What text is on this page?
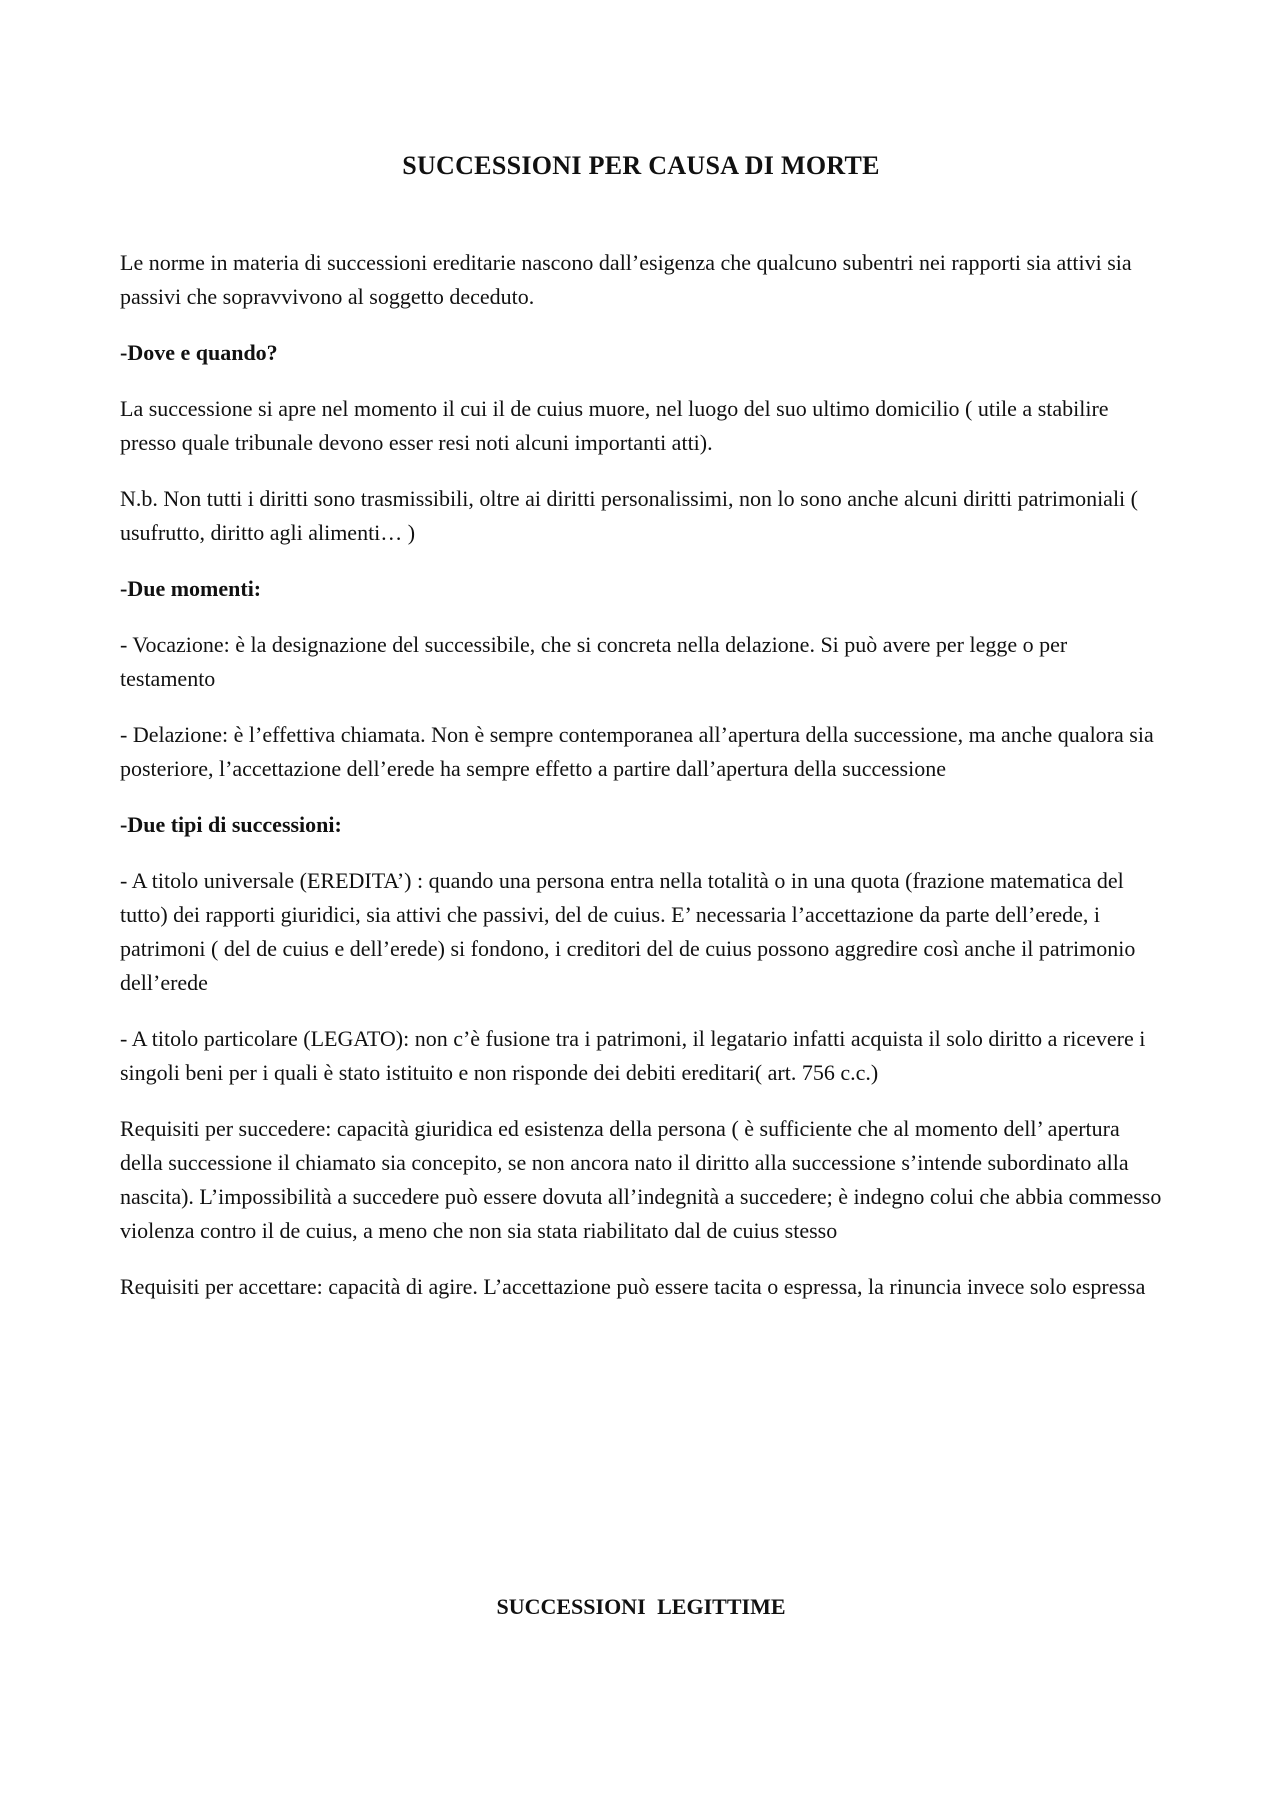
SUCCESSIONI PER CAUSA DI MORTE

Le norme in materia di successioni ereditarie nascono dall’esigenza che qualcuno subentri nei rapporti sia attivi sia passivi che sopravvivono al soggetto deceduto.

-Dove e quando?

La successione si apre nel momento il cui il de cuius muore, nel luogo del suo ultimo domicilio ( utile a stabilire presso quale tribunale devono esser resi noti alcuni importanti atti).

N.b. Non tutti i diritti sono trasmissibili, oltre ai diritti personalissimi, non lo sono anche alcuni diritti patrimoniali ( usufrutto, diritto agli alimenti… )

-Due momenti:

- Vocazione: è la designazione del successibile, che si concreta nella delazione. Si può avere per legge o per testamento

- Delazione: è l’effettiva chiamata. Non è sempre contemporanea all’apertura della successione, ma anche qualora sia posteriore, l’accettazione dell’erede ha sempre effetto a partire dall’apertura della successione

-Due tipi di successioni:

- A titolo universale (EREDITA’) : quando una persona entra nella totalità o in una quota (frazione matematica del tutto) dei rapporti giuridici, sia attivi che passivi, del de cuius. E’ necessaria l’accettazione da parte dell’erede, i patrimoni ( del de cuius e dell’erede) si fondono, i creditori del de cuius possono aggredire così anche il patrimonio dell’erede

- A titolo particolare (LEGATO): non c’è fusione tra i patrimoni, il legatario infatti acquista il solo diritto a ricevere i singoli beni per i quali è stato istituito e non risponde dei debiti ereditari( art. 756 c.c.)

Requisiti per succedere: capacità giuridica ed esistenza della persona ( è sufficiente che al momento dell’ apertura della successione il chiamato sia concepito, se non ancora nato il diritto alla successione s’intende subordinato alla nascita). L’impossibilità a succedere può essere dovuta all’indegnità a succedere; è indegno colui che abbia commesso violenza contro il de cuius, a meno che non sia stata riabilitato dal de cuius stesso

Requisiti per accettare: capacità di agire. L’accettazione può essere tacita o espressa, la rinuncia invece solo espressa

SUCCESSIONI LEGITTIME
